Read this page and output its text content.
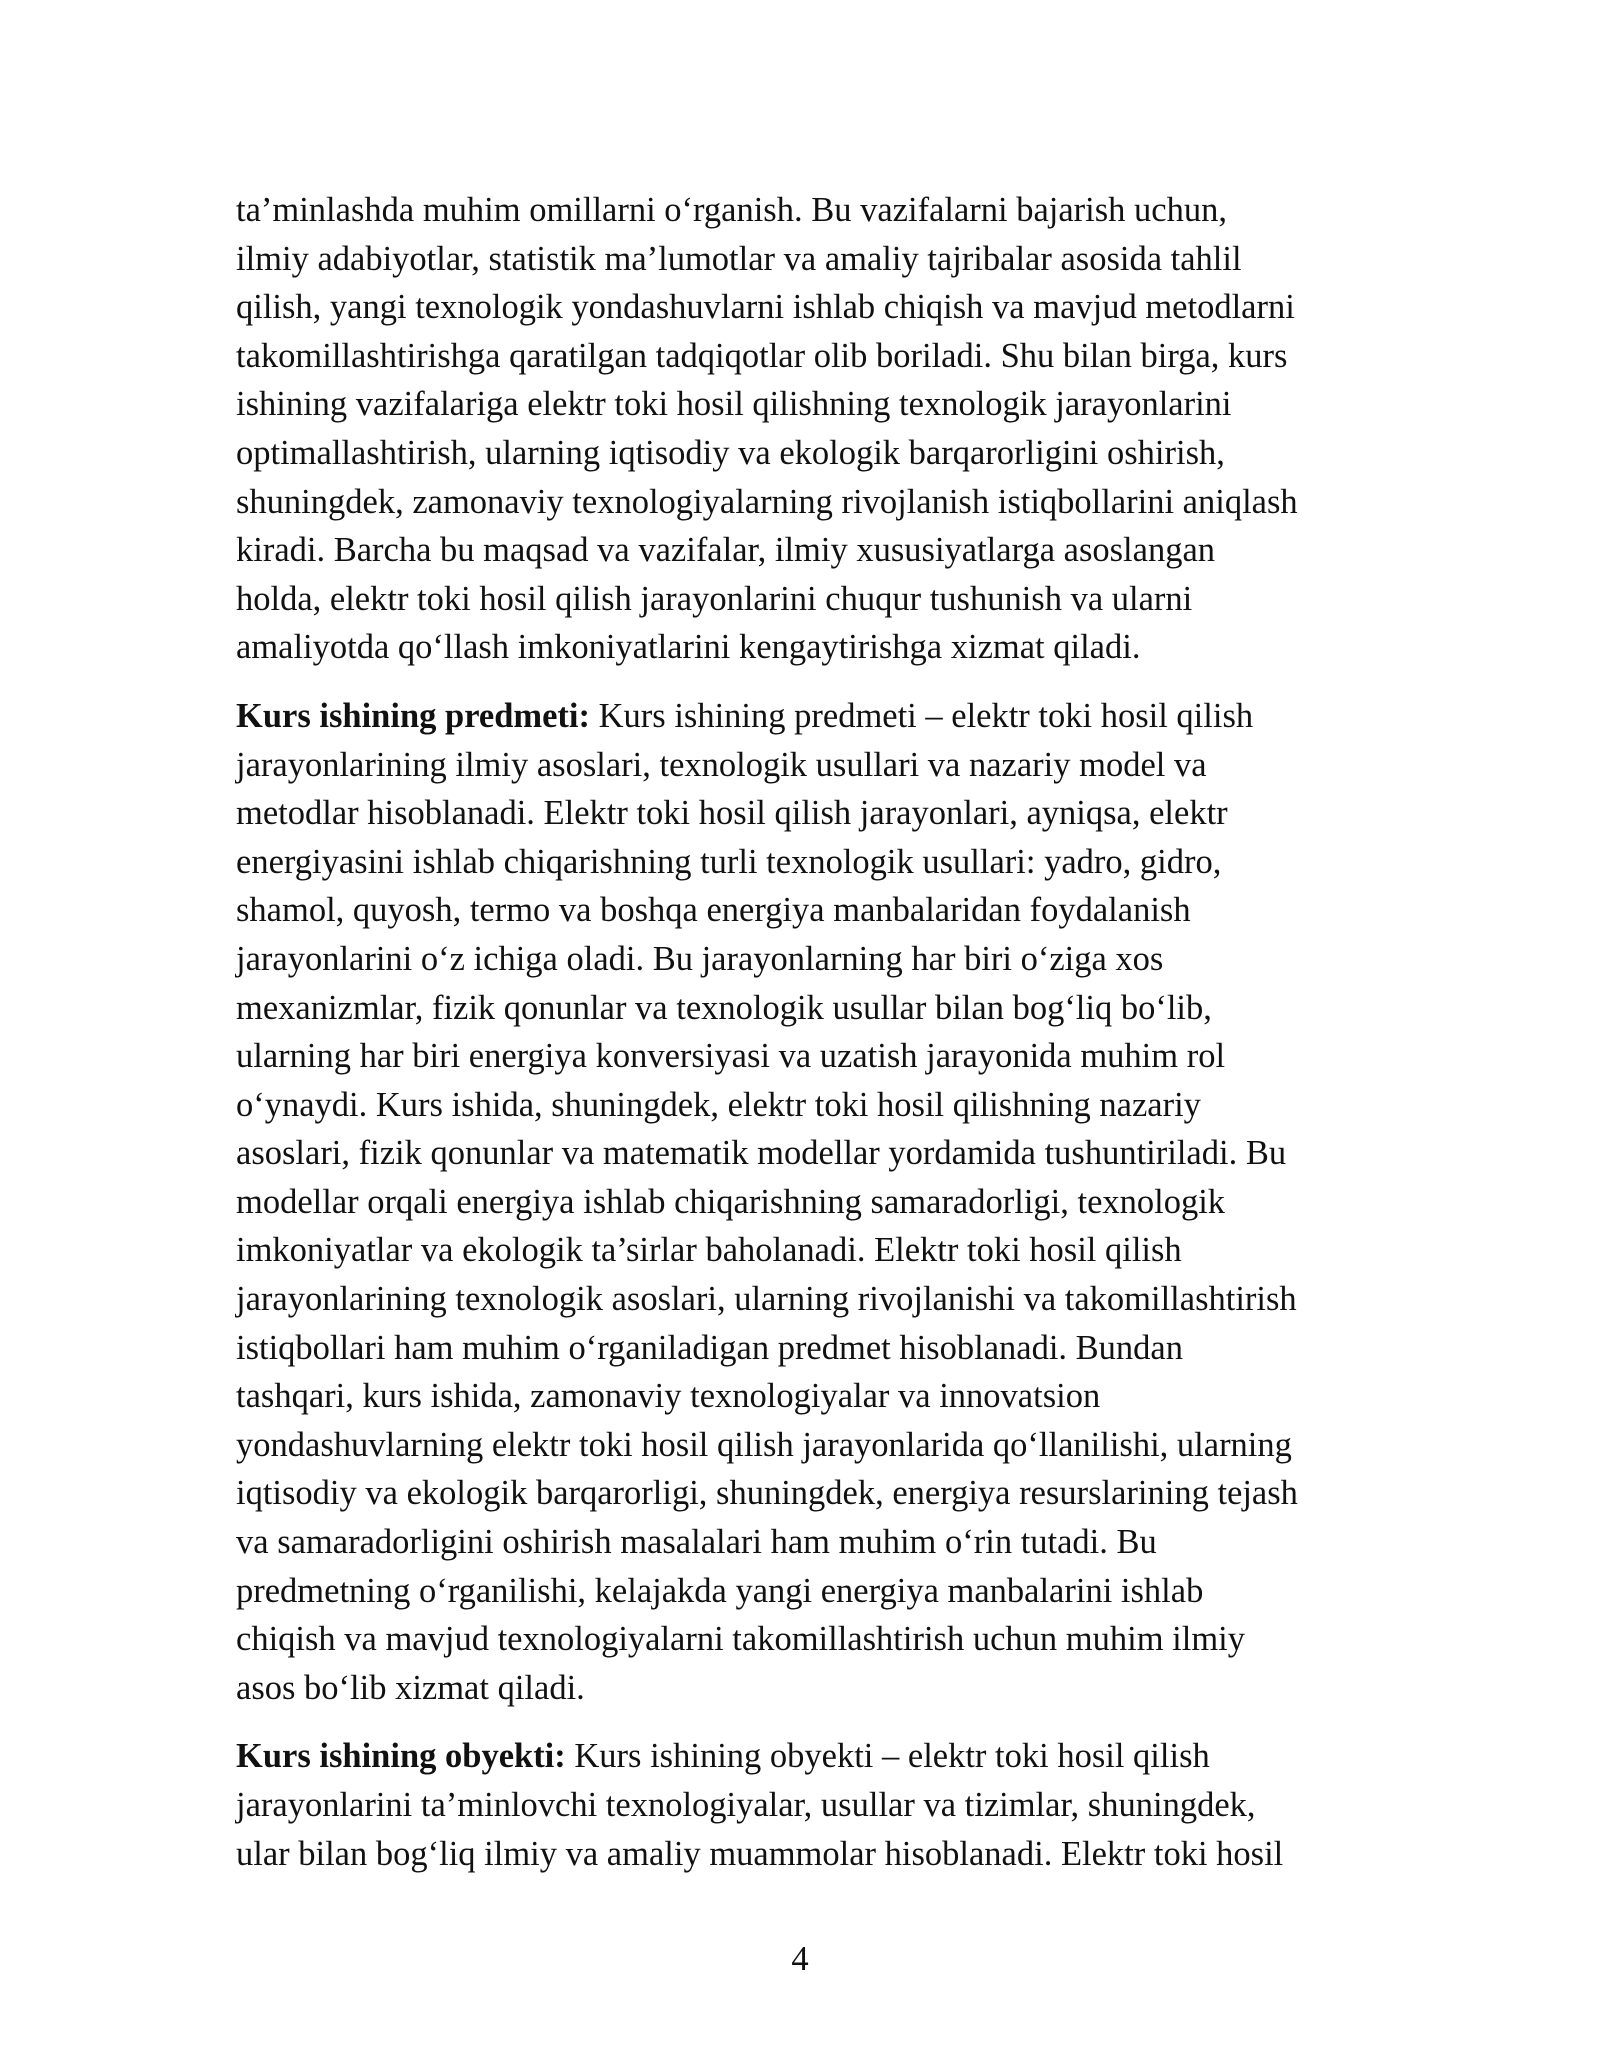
ta’minlashda muhim omillarni o‘rganish. Bu vazifalarni bajarish uchun,
ilmiy adabiyotlar, statistik ma’lumotlar va amaliy tajribalar asosida tahlil
qilish, yangi texnologik yondashuvlarni ishlab chiqish va mavjud metodlarni
takomillashtirishga qaratilgan tadqiqotlar olib boriladi. Shu bilan birga, kurs
ishining vazifalariga elektr toki hosil qilishning texnologik jarayonlarini
optimallashtirish, ularning iqtisodiy va ekologik barqarorligini oshirish,
shuningdek, zamonaviy texnologiyalarning rivojlanish istiqbollarini aniqlash
kiradi. Barcha bu maqsad va vazifalar, ilmiy xususiyatlarga asoslangan
holda, elektr toki hosil qilish jarayonlarini chuqur tushunish va ularni
amaliyotda qo‘llash imkoniyatlarini kengaytirishga xizmat qiladi.

Kurs ishining predmeti: Kurs ishining predmeti – elektr toki hosil qilish
jarayonlarining ilmiy asoslari, texnologik usullari va nazariy model va
metodlar hisoblanadi. Elektr toki hosil qilish jarayonlari, ayniqsa, elektr
energiyasini ishlab chiqarishning turli texnologik usullari: yadro, gidro,
shamol, quyosh, termo va boshqa energiya manbalaridan foydalanish
jarayonlarini o‘z ichiga oladi. Bu jarayonlarning har biri o‘ziga xos
mexanizmlar, fizik qonunlar va texnologik usullar bilan bog‘liq bo‘lib,
ularning har biri energiya konversiyasi va uzatish jarayonida muhim rol
o‘ynaydi. Kurs ishida, shuningdek, elektr toki hosil qilishning nazariy
asoslari, fizik qonunlar va matematik modellar yordamida tushuntiriladi. Bu
modellar orqali energiya ishlab chiqarishning samaradorligi, texnologik
imkoniyatlar va ekologik ta’sirlar baholanadi. Elektr toki hosil qilish
jarayonlarining texnologik asoslari, ularning rivojlanishi va takomillashtirish
istiqbollari ham muhim o‘rganiladigan predmet hisoblanadi. Bundan
tashqari, kurs ishida, zamonaviy texnologiyalar va innovatsion
yondashuvlarning elektr toki hosil qilish jarayonlarida qo‘llanilishi, ularning
iqtisodiy va ekologik barqarorligi, shuningdek, energiya resurslarining tejash
va samaradorligini oshirish masalalari ham muhim o‘rin tutadi. Bu
predmetning o‘rganilishi, kelajakda yangi energiya manbalarini ishlab
chiqish va mavjud texnologiyalarni takomillashtirish uchun muhim ilmiy
asos bo‘lib xizmat qiladi.

Kurs ishining obyekti: Kurs ishining obyekti – elektr toki hosil qilish
jarayonlarini ta’minlovchi texnologiyalar, usullar va tizimlar, shuningdek,
ular bilan bog‘liq ilmiy va amaliy muammolar hisoblanadi. Elektr toki hosil

4
